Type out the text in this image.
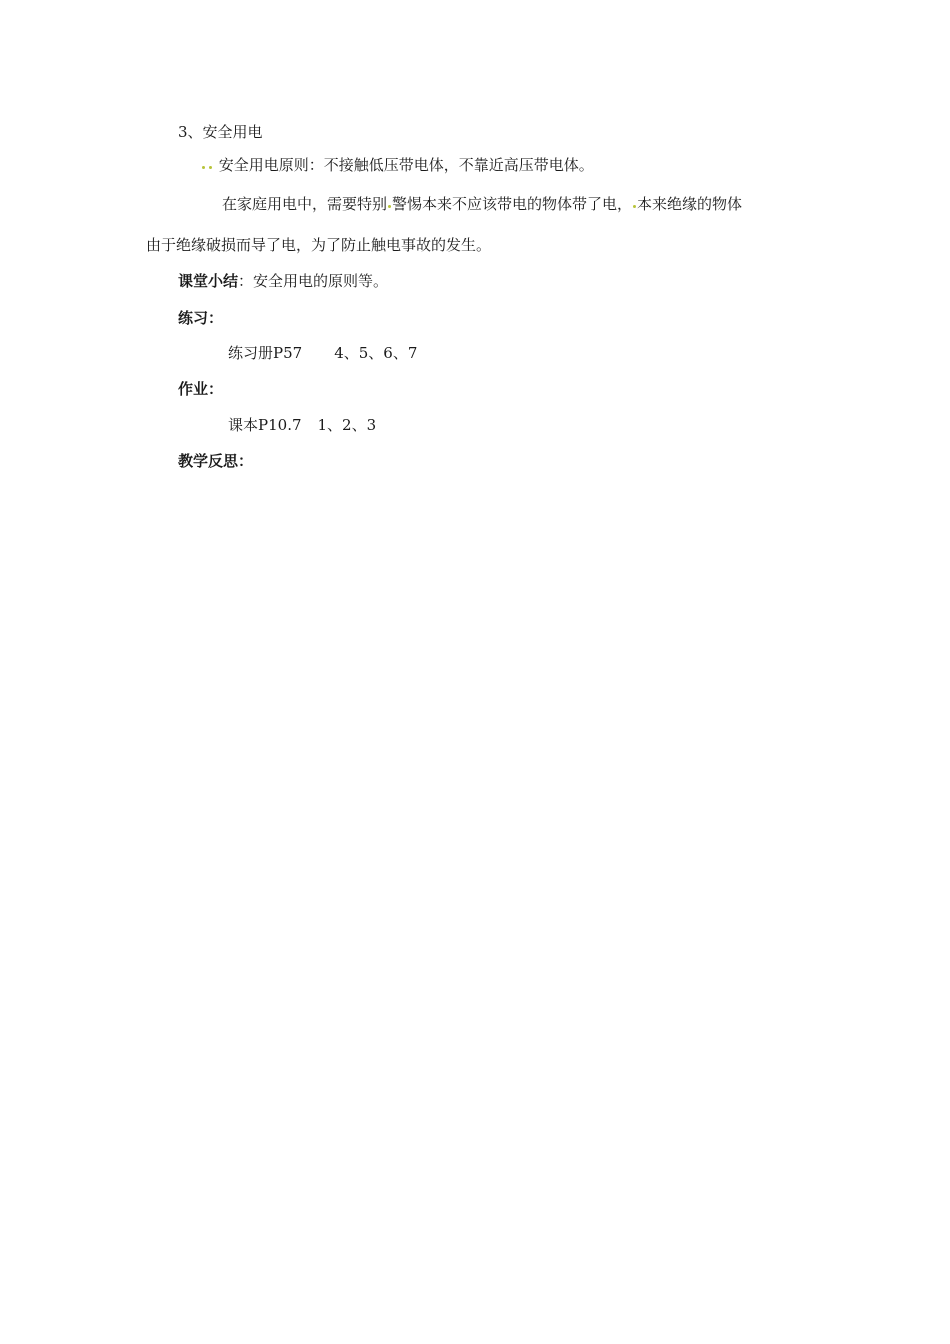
3、安全用电

安全用电原则：不接触低压带电体，不靠近高压带电体。

在家庭用电中，需要特别 警惕本来不应该带电的物体带了电， 本来绝缘的物体

由于绝缘破损而导了电，为了防止触电事故的发生。

课堂小结：安全用电的原则等。

练习：

练习册P57 4、5、6、7

作业：

课本P10.7 1、2、3

教学反思：
